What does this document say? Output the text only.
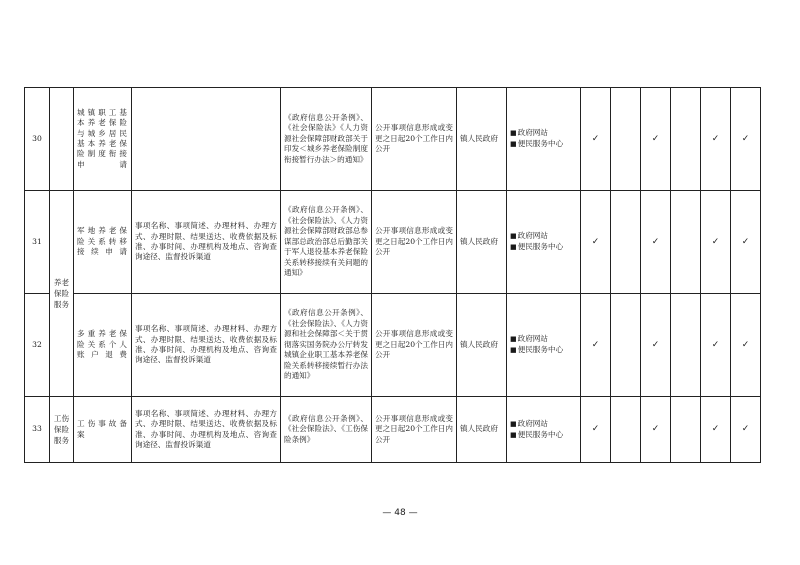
30		城镇职工基本养老保险与城乡居民基本养老保险制度衔接申请		《政府信息公开条例》、《社会保险法》《人力资源社会保障部财政部关于印发＜城乡养老保险制度衔接暂行办法＞的通知》	公开事项信息形成或变更之日起20个工作日内公开	镇人民政府	■政府网站
■便民服务中心	✓		✓		✓	✓
31	养老
保险
服务	军地养老保险关系转移接续申请	事项名称、事项简述、办理材料、办理方式、办理时限、结果送达、收费依据及标准、办事时间、办理机构及地点、咨询查询途径、监督投诉渠道	《政府信息公开条例》、《社会保险法》、《人力资源社会保障部财政部总参谋部总政治部总后勤部关于军人退役基本养老保险关系转移接续有关问题的通知》	公开事项信息形成或变更之日起20个工作日内公开	镇人民政府	■政府网站
■便民服务中心	✓		✓		✓	✓
32		多重养老保险关系个人账户退费	事项名称、事项简述、办理材料、办理方式、办理时限、结果送达、收费依据及标准、办事时间、办理机构及地点、咨询查询途径、监督投诉渠道	《政府信息公开条例》、《社会保险法》、《人力资源和社会保障部＜关于贯彻落实国务院办公厅转发城镇企业职工基本养老保险关系转移接续暂行办法的通知》	公开事项信息形成或变更之日起20个工作日内公开	镇人民政府	■政府网站
■便民服务中心	✓		✓		✓	✓
33	工伤
保险
服务	工伤事故备案	事项名称、事项简述、办理材料、办理方式、办理时限、结果送达、收费依据及标准、办事时间、办理机构及地点、咨询查询途径、监督投诉渠道	《政府信息公开条例》、《社会保险法》、《工伤保险条例》	公开事项信息形成或变更之日起20个工作日内公开	镇人民政府	■政府网站
■便民服务中心	✓		✓		✓	✓
— 48 —
